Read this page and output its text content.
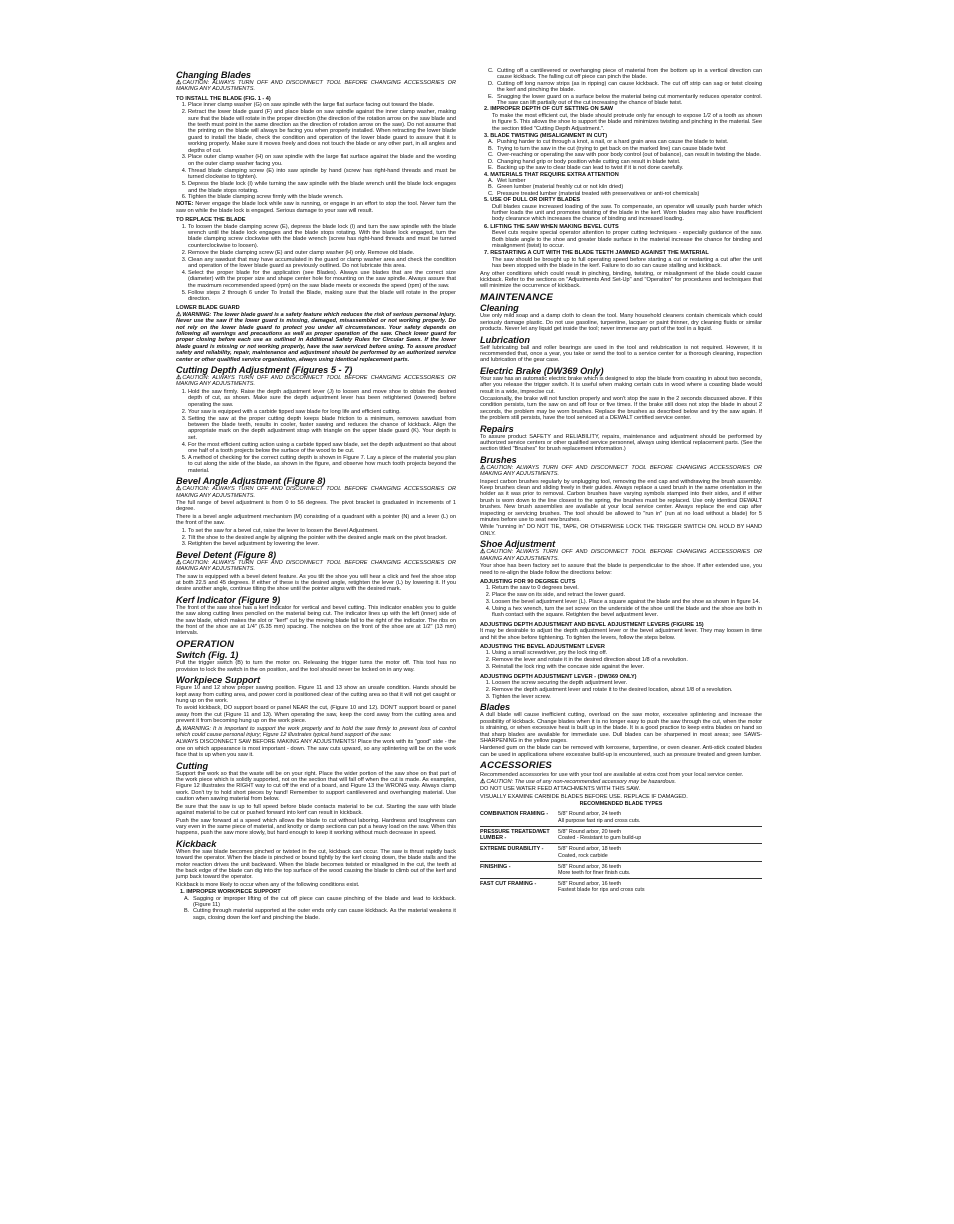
Changing Blades

⚠CAUTION: ALWAYS TURN OFF AND DISCONNECT TOOL BEFORE CHANGING ACCESSORIES OR MAKING ANY ADJUSTMENTS.

TO INSTALL THE BLADE (FIG. 1 - 4)
1. Place inner clamp washer (G) on saw spindle with the large flat surface facing out toward the blade.
2. Retract the lower blade guard (F) and place blade on saw spindle against the inner clamp washer, making sure that the blade will rotate in the proper direction (the direction of the rotation arrow on the saw blade and the teeth must point in the same direction as the direction of rotation arrow on the saw). Do not assume that the printing on the blade will always be facing you when properly installed. When retracting the lower blade guard to install the blade, check the condition and operation of the lower blade guard to assure that it is working properly. Make sure it moves freely and does not touch the blade or any other part, in all angles and depths of cut.
3. Place outer clamp washer (H) on saw spindle with the large flat surface against the blade and the wording on the outer clamp washer facing you.
4. Thread blade clamping screw (E) into saw spindle by hand (screw has right-hand threads and must be turned clockwise to tighten).
5. Depress the blade lock (I) while turning the saw spindle with the blade wrench until the blade lock engages and the blade stops rotating.
6. Tighten the blade clamping screw firmly with the blade wrench.

NOTE: Never engage the blade lock while saw is running, or engage in an effort to stop the tool. Never turn the saw on while the blade lock is engaged. Serious damage to your saw will result.

TO REPLACE THE BLADE
1. To loosen the blade clamping screw (E), depress the blade lock (I) and turn the saw spindle with the blade wrench until the blade lock engages and the blade stops rotating. With the blade lock engaged, turn the blade clamping screw clockwise with the blade wrench (screw has right-hand threads and must be turned counterclockwise to loosen).
2. Remove the blade clamping screw (E) and outer clamp washer (H) only. Remove old blade.
3. Clean any sawdust that may have accumulated in the guard or clamp washer area and check the condition and operation of the lower blade guard as previously outlined. Do not lubricate this area.
4. Select the proper blade for the application (see Blades). Always use blades that are the correct size (diameter) with the proper size and shape center hole for mounting on the saw spindle. Always assure that the maximum recommended speed (rpm) on the saw blade meets or exceeds the speed (rpm) of the saw.
5. Follow steps 2 through 6 under To Install the Blade, making sure that the blade will rotate in the proper direction.
LOWER BLADE GUARD

⚠WARNING: The lower blade guard is a safety feature which reduces the risk of serious personal injury. Never use the saw if the lower guard is missing, damaged, misassembled or not working properly. Do not rely on the lower blade guard to protect you under all circumstances. Your safety depends on following all warnings and precautions as well as proper operation of the saw. Check lower guard for proper closing before each use as outlined in Additional Safety Rules for Circular Saws. If the lower blade guard is missing or not working properly, have the saw serviced before using. To assure product safety and reliability, repair, maintenance and adjustment should be performed by an authorized service center or other qualified service organization, always using identical replacement parts.

Cutting Depth Adjustment (Figures 5 - 7)

⚠CAUTION: ALWAYS TURN OFF AND DISCONNECT TOOL BEFORE CHANGING ACCESSORIES OR MAKING ANY ADJUSTMENTS.

1. Hold the saw firmly. Raise the depth adjustment lever (J) to loosen and move shoe to obtain the desired depth of cut, as shown. Make sure the depth adjustment lever has been retightened (lowered) before operating the saw.
2. Your saw is equipped with a carbide tipped saw blade for long life and efficient cutting.
3. Setting the saw at the proper cutting depth keeps blade friction to a minimum, removes sawdust from between the blade teeth, results in cooler, faster sawing and reduces the chance of kickback. Align the appropriate mark on the depth adjustment strap with triangle on the upper blade guard (K). Your depth is set.
4. For the most efficient cutting action using a carbide tipped saw blade, set the depth adjustment so that about one half of a tooth projects below the surface of the wood to be cut.
5. A method of checking for the correct cutting depth is shown in Figure 7. Lay a piece of the material you plan to cut along the side of the blade, as shown in the figure, and observe how much tooth projects beyond the material.
Bevel Angle Adjustment (Figure 8)

⚠CAUTION: ALWAYS TURN OFF AND DISCONNECT TOOL BEFORE CHANGING ACCESSORIES OR MAKING ANY ADJUSTMENTS.

The full range of bevel adjustment is from 0 to 56 degrees. The pivot bracket is graduated in increments of 1 degree.

There is a bevel angle adjustment mechanism (M) consisting of a quadrant with a pointer (N) and a lever (L) on the front of the saw.

1. To set the saw for a bevel cut, raise the lever to loosen the Bevel Adjustment.
2. Tilt the shoe to the desired angle by aligning the pointer with the desired angle mark on the pivot bracket.
3. Retighten the bevel adjustment by lowering the lever.
Bevel Detent (Figure 8)

⚠CAUTION: ALWAYS TURN OFF AND DISCONNECT TOOL BEFORE CHANGING ACCESSORIES OR MAKING ANY ADJUSTMENTS.

The saw is equipped with a bevel detent feature. As you tilt the shoe you will hear a click and feel the shoe stop at both 22.5 and 45 degrees. If either of these is the desired angle, retighten the lever (L) by lowering it. If you desire another angle, continue tilting the shoe until the pointer aligns with the desired mark.

Kerf Indicator (Figure 9)

The front of the saw shoe has a kerf indicator for vertical and bevel cutting. This indicator enables you to guide the saw along cutting lines penciled on the material being cut. The indicator lines up with the left (inner) side of the saw blade, which makes the slot or "kerf" cut by the moving blade fall to the right of the indicator. The ribs on the front of the shoe are at 1/4" (6.35 mm) spacing. The notches on the front of the shoe are at 1/2" (13 mm) intervals.

OPERATION
Switch (Fig. 1)

Pull the trigger switch (B) to turn the motor on. Releasing the trigger turns the motor off. This tool has no provision to lock the switch in the on position, and the tool should never be locked on in any way.

Workpiece Support

Figure 10 and 12 show proper sawing position. Figure 11 and 13 show an unsafe condition. Hands should be kept away from cutting area, and power cord is positioned clear of the cutting area so that it will not get caught or hung up on the work.

To avoid kickback, DO support board or panel NEAR the cut, (Figure 10 and 12). DON'T support board or panel away from the cut (Figure 11 and 13). When operating the saw, keep the cord away from the cutting area and prevent it from becoming hung up on the work piece.

⚠WARNING: It is important to support the work properly and to hold the saw firmly to prevent loss of control which could cause personal injury; Figure 12 illustrates typical hand support of the saw.

ALWAYS DISCONNECT SAW BEFORE MAKING ANY ADJUSTMENTS! Place the work with its "good" side - the one on which appearance is most important - down. The saw cuts upward, so any splintering will be on the work face that is up when you saw it.

Cutting

Support the work so that the waste will be on your right. Place the wider portion of the saw shoe on that part of the work piece which is solidly supported, not on the section that will fall off when the cut is made. As examples, Figure 12 illustrates the RIGHT way to cut off the end of a board, and Figure 13 the WRONG way. Always clamp work. Don't try to hold short pieces by hand! Remember to support cantilevered and overhanging material. Use caution when sawing material from below.

Be sure that the saw is up to full speed before blade contacts material to be cut. Starting the saw with blade against material to be cut or pushed forward into kerf can result in kickback.

Push the saw forward at a speed which allows the blade to cut without laboring. Hardness and toughness can vary even in the same piece of material, and knotty or damp sections can put a heavy load on the saw. When this happens, push the saw more slowly, but hard enough to keep it working without much decrease in speed.

Kickback

When the saw blade becomes pinched or twisted in the cut, kickback can occur. The saw is thrust rapidly back toward the operator. When the blade is pinched or bound tightly by the kerf closing down, the blade stalls and the motor reaction drives the unit backward. When the blade becomes twisted or misaligned in the cut, the teeth at the back edge of the blade can dig into the top surface of the wood causing the blade to climb out of the kerf and jump back toward the operator.

Kickback is more likely to occur when any of the following conditions exist.

1. IMPROPER WORKPIECE SUPPORT
A. Sagging or improper lifting of the cut off piece can cause pinching of the blade and lead to kickback. (Figure 11)
B. Cutting through material supported at the outer ends only can cause kickback. As the material weakens it sags, closing down the kerf and pinching the blade.
C. Cutting off a cantilevered or overhanging piece of material from the bottom up in a vertical direction can cause kickback. The falling cut off piece can pinch the blade.
D. Cutting off long narrow strips (as in ripping) can cause kickback. The cut off strip can sag or twist closing the kerf and pinching the blade.
E. Snagging the lower guard on a surface below the material being cut momentarily reduces operator control. The saw can lift partially out of the cut increasing the chance of blade twist.
2. IMPROPER DEPTH OF CUT SETTING ON SAW

To make the most efficient cut, the blade should protrude only far enough to expose 1/2 of a tooth as shown in figure 5. This allows the shoe to support the blade and minimizes twisting and pinching in the material. See the section titled "Cutting Depth Adjustment.".

3. BLADE TWISTING (MISALIGNMENT IN CUT)
A. Pushing harder to cut through a knot, a nail, or a hard grain area can cause the blade to twist.
B. Trying to turn the saw in the cut (trying to get back on the marked line) can cause blade twist
C. Over-reaching or operating the saw with poor body control (out of balance), can result in twisting the blade.
D. Changing hand grip or body position while cutting can result in blade twist.
E. Backing up the saw to clear blade can lead to twist if it is not done carefully.
4. MATERIALS THAT REQUIRE EXTRA ATTENTION
A. Wet lumber
B. Green lumber (material freshly cut or not kiln dried)
C. Pressure treated lumber (material treated with preservatives or anti-rot chemicals)
5. USE OF DULL OR DIRTY BLADES

Dull blades cause increased loading of the saw. To compensate, an operator will usually push harder which further loads the unit and promotes twisting of the blade in the kerf. Worn blades may also have insufficient body clearance which increases the chance of binding and increased loading.

6. LIFTING THE SAW WHEN MAKING BEVEL CUTS

Bevel cuts require special operator attention to proper cutting techniques - especially guidance of the saw. Both blade angle to the shoe and greater blade surface in the material increase the chance for binding and misalignment (twist) to occur.

7. RESTARTING A CUT WITH THE BLADE TEETH JAMMED AGAINST THE MATERIAL

The saw should be brought up to full operating speed before starting a cut or restarting a cut after the unit has been stopped with the blade in the kerf. Failure to do so can cause stalling and kickback.

Any other conditions which could result in pinching, binding, twisting, or misalignment of the blade could cause kickback. Refer to the sections on "Adjustments And Set-Up" and "Operation" for procedures and techniques that will minimize the occurrence of kickback.

MAINTENANCE
Cleaning

Use only mild soap and a damp cloth to clean the tool. Many household cleaners contain chemicals which could seriously damage plastic. Do not use gasoline, turpentine, lacquer or paint thinner, dry cleaning fluids or similar products. Never let any liquid get inside the tool; never immerse any part of the tool in a liquid.

Lubrication

Self lubricating ball and roller bearings are used in the tool and relubrication is not required. However, it is recommended that, once a year, you take or send the tool to a service center for a thorough cleaning, inspection and lubrication of the gear case.

Electric Brake (DW369 Only)

Your saw has an automatic electric brake which is designed to stop the blade from coasting in about two seconds, after you release the trigger switch. It is useful when making certain cuts in wood where a coasting blade would result in a wide, imprecise cut.

Occasionally, the brake will not function properly and won't stop the saw in the 2 seconds discussed above. If this condition persists, turn the saw on and off four or five times. If the brake still does not stop the blade in about 2 seconds, the problem may be worn brushes. Replace the brushes as described below and try the saw again. If the problem still persists, have the tool serviced at a DEWALT certified service center.

Repairs

To assure product SAFETY and RELIABILITY, repairs, maintenance and adjustment should be performed by authorized service centers or other qualified service personnel, always using identical replacement parts. (See the section titled "Brushes" for brush replacement information.)

Brushes

⚠CAUTION: ALWAYS TURN OFF AND DISCONNECT TOOL BEFORE CHANGING ACCESSORIES OR MAKING ANY ADJUSTMENTS.

Inspect carbon brushes regularly by unplugging tool, removing the end cap and withdrawing the brush assembly. Keep brushes clean and sliding freely in their guides. Always replace a used brush in the same orientation in the holder as it was prior to removal. Carbon brushes have varying symbols stamped into their sides, and if either brush is worn down to the line closest to the spring, the brushes must be replaced. Use only identical DEWALT brushes. New brush assemblies are available at your local service center. Always replace the end cap after inspecting or servicing brushes. The tool should be allowed to "run in" (run at no load without a blade) for 5 minutes before use to seat new brushes.

While "running in" DO NOT TIE, TAPE, OR OTHERWISE LOCK THE TRIGGER SWITCH ON. HOLD BY HAND ONLY.

Shoe Adjustment

⚠CAUTION: ALWAYS TURN OFF AND DISCONNECT TOOL BEFORE CHANGING ACCESSORIES OR MAKING ANY ADJUSTMENTS.

Your shoe has been factory set to assure that the blade is perpendicular to the shoe. If after extended use, you need to re-align the blade follow the directions below:

ADJUSTING FOR 90 DEGREE CUTS
1. Return the saw to 0 degrees bevel.
2. Place the saw on its side, and retract the lower guard.
3. Loosen the bevel adjustment lever (L). Place a square against the blade and the shoe as shown in figure 14.
4. Using a hex wrench, turn the set screw on the underside of the shoe until the blade and the shoe are both in flush contact with the square. Retighten the bevel adjustment lever.
ADJUSTING DEPTH ADJUSTMENT AND BEVEL ADJUSTMENT LEVERS (FIGURE 15)

It may be desirable to adjust the depth adjustment lever or the bevel adjustment lever. They may loosen in time and hit the shoe before tightening. To tighten the levers, follow the steps below.

ADJUSTING THE BEVEL ADJUSTMENT LEVER
1. Using a small screwdriver, pry the lock ring off.
2. Remove the lever and rotate it in the desired direction about 1/8 of a revolution.
3. Reinstall the lock ring with the concave side against the lever.
ADJUSTING DEPTH ADJUSTMENT LEVER - (DW369 ONLY)
1. Loosen the screw securing the depth adjustment lever.
2. Remove the depth adjustment lever and rotate it to the desired location, about 1/8 of a revolution.
3. Tighten the lever screw.
Blades

A dull blade will cause inefficient cutting, overload on the saw motor, excessive splintering and increase the possibility of kickback. Change blades when it is no longer easy to push the saw through the cut, when the motor is straining, or when excessive heat is built up in the blade. It is a good practice to keep extra blades on hand so that sharp blades are available for immediate use. Dull blades can be sharpened in most areas; see SAWS-SHARPENING in the yellow pages.

Hardened gum on the blade can be removed with kerosene, turpentine, or oven cleaner. Anti-stick coated blades can be used in applications where excessive build-up is encountered, such as pressure treated and green lumber.

ACCESSORIES

Recommended accessories for use with your tool are available at extra cost from your local service center.

⚠CAUTION: The use of any non-recommended accessory may be hazardous.

DO NOT USE WATER FEED ATTACHMENTS WITH THIS SAW.

VISUALLY EXAMINE CARBIDE BLADES BEFORE USE. REPLACE IF DAMAGED.

RECOMMENDED BLADE TYPES	
COMBINATION FRAMING -	5/8" Round arbor, 24 teeth
All purpose fast rip and cross cuts.

PRESSURE TREATED/WET LUMBER -	5/8" Round arbor, 20 teeth
Coated - Resistant to gum build-up

EXTREME DURABILITY -	5/8" Round arbor, 18 teeth
Coated, rock carbide

FINISHING -	5/8" Round arbor, 36 teeth
More teeth for finer finish cuts.

FAST CUT FRAMING -	5/8" Round arbor, 16 teeth
Fastest blade for rips and cross cuts
